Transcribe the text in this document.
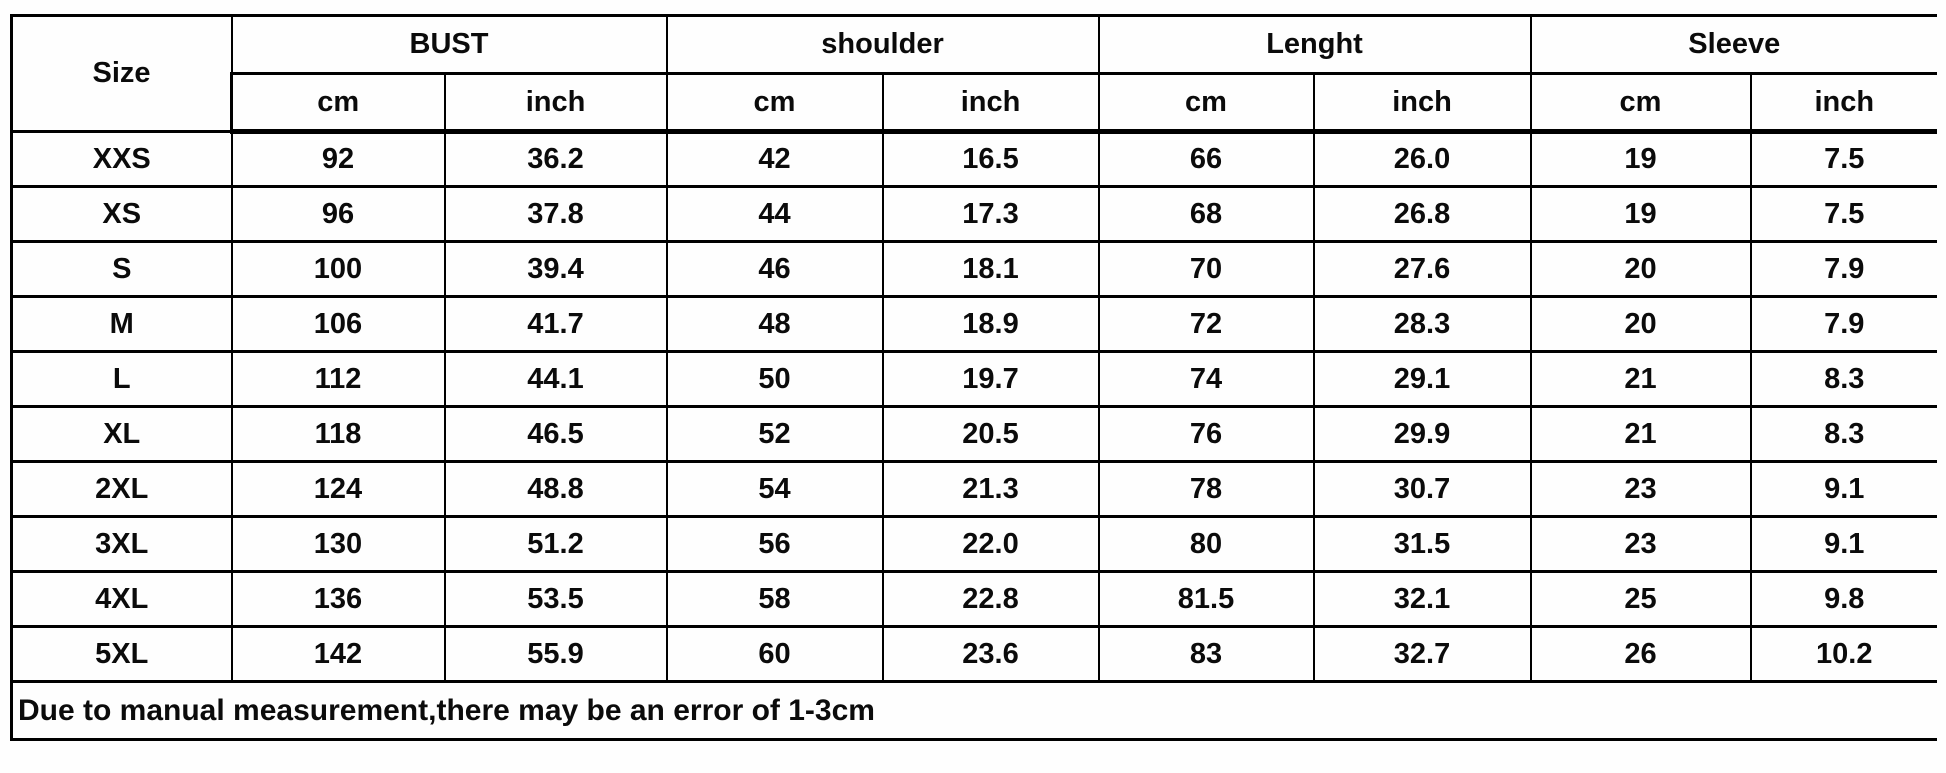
Size	BUST		shoulder		Lenght		Sleeve	
	cm	inch	cm	inch	cm	inch	cm	inch
XXS	92	36.2	42	16.5	66	26.0	19	7.5
XS	96	37.8	44	17.3	68	26.8	19	7.5
S	100	39.4	46	18.1	70	27.6	20	7.9
M	106	41.7	48	18.9	72	28.3	20	7.9
L	112	44.1	50	19.7	74	29.1	21	8.3
XL	118	46.5	52	20.5	76	29.9	21	8.3
2XL	124	48.8	54	21.3	78	30.7	23	9.1
3XL	130	51.2	56	22.0	80	31.5	23	9.1
4XL	136	53.5	58	22.8	81.5	32.1	25	9.8
5XL	142	55.9	60	23.6	83	32.7	26	10.2
Due to manual measurement,there may be an error of 1-3cm								
